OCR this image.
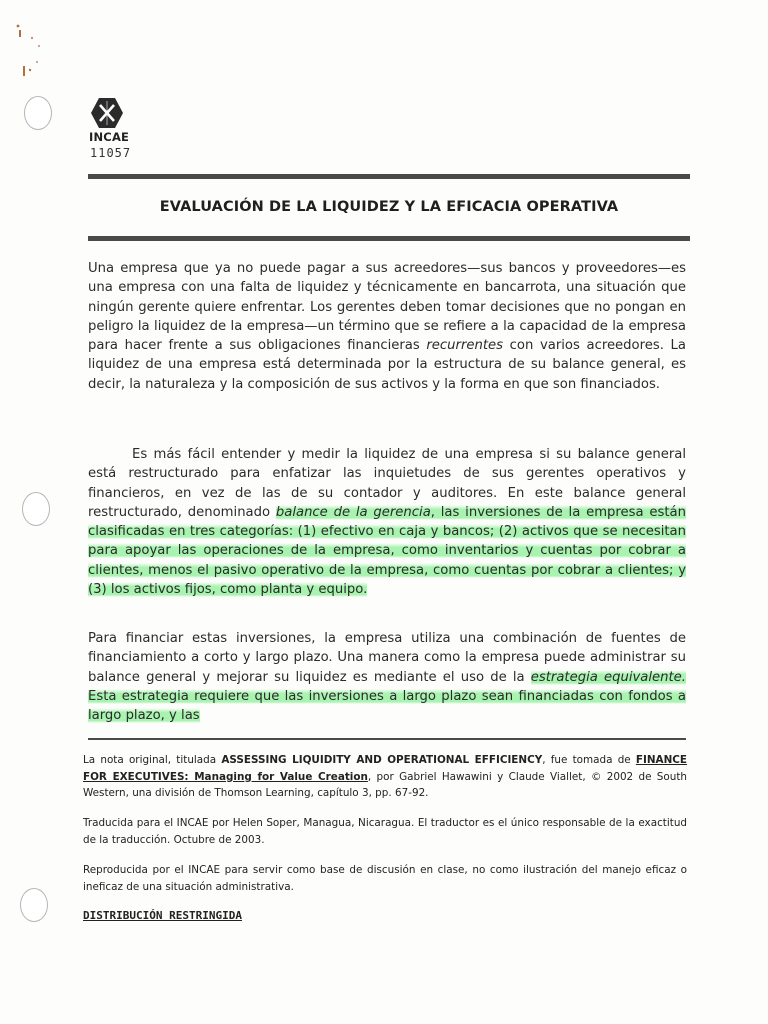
INCAE
11057
EVALUACIÓN DE LA LIQUIDEZ Y LA EFICACIA OPERATIVA
Una empresa que ya no puede pagar a sus acreedores—sus bancos y proveedores—es una empresa con una falta de liquidez y técnicamente en bancarrota, una situación que ningún gerente quiere enfrentar. Los gerentes deben tomar decisiones que no pongan en peligro la liquidez de la empresa—un término que se refiere a la capacidad de la empresa para hacer frente a sus obligaciones financieras recurrentes con varios acreedores. La liquidez de una empresa está determinada por la estructura de su balance general, es decir, la naturaleza y la composición de sus activos y la forma en que son financiados.
Es más fácil entender y medir la liquidez de una empresa si su balance general está restructurado para enfatizar las inquietudes de sus gerentes operativos y financieros, en vez de las de su contador y auditores. En este balance general restructurado, denominado balance de la gerencia, las inversiones de la empresa están clasificadas en tres categorías: (1) efectivo en caja y bancos; (2) activos que se necesitan para apoyar las operaciones de la empresa, como inventarios y cuentas por cobrar a clientes, menos el pasivo operativo de la empresa, como cuentas por cobrar a clientes; y (3) los activos fijos, como planta y equipo.
Para financiar estas inversiones, la empresa utiliza una combinación de fuentes de financiamiento a corto y largo plazo. Una manera como la empresa puede administrar su balance general y mejorar su liquidez es mediante el uso de la estrategia equivalente. Esta estrategia requiere que las inversiones a largo plazo sean financiadas con fondos a largo plazo, y las
La nota original, titulada ASSESSING LIQUIDITY AND OPERATIONAL EFFICIENCY, fue tomada de FINANCE FOR EXECUTIVES: Managing for Value Creation, por Gabriel Hawawini y Claude Viallet, © 2002 de South Western, una división de Thomson Learning, capítulo 3, pp. 67-92.
Traducida para el INCAE por Helen Soper, Managua, Nicaragua. El traductor es el único responsable de la exactitud de la traducción. Octubre de 2003.
Reproducida por el INCAE para servir como base de discusión en clase, no como ilustración del manejo eficaz o ineficaz de una situación administrativa.
DISTRIBUCIÓN RESTRINGIDA
